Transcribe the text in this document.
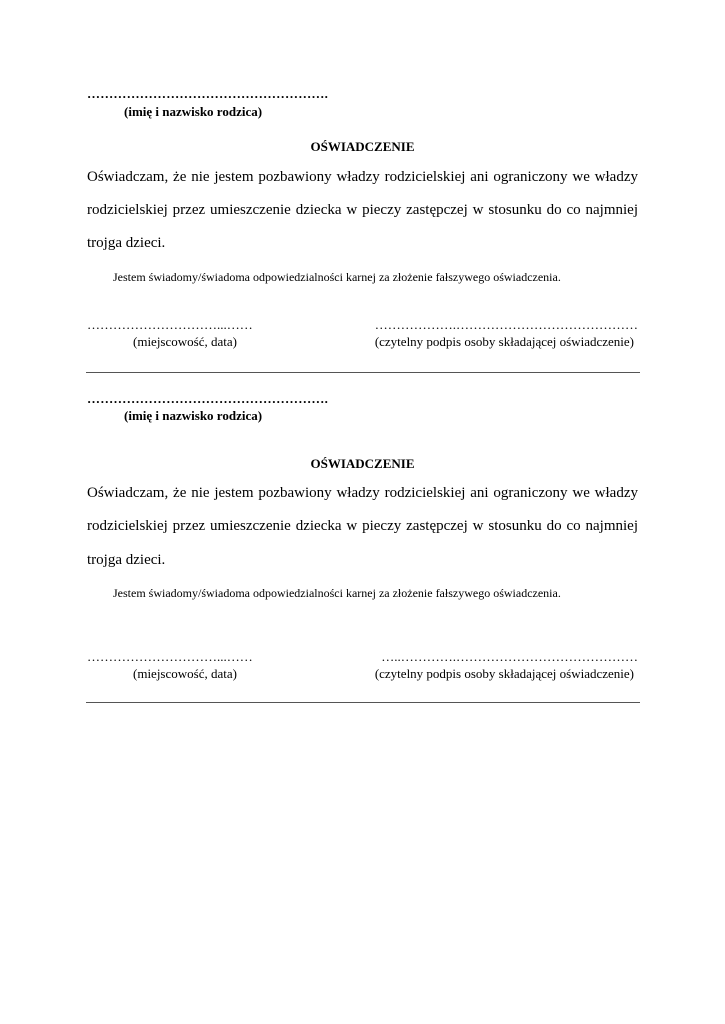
……………………………………………….
(imię i nazwisko rodzica)
OŚWIADCZENIE
Oświadczam, że nie jestem pozbawiony władzy rodzicielskiej ani ograniczony we władzy
rodzicielskiej przez umieszczenie dziecka w pieczy zastępczej w stosunku do co najmniej
trojga dzieci.
Jestem świadomy/świadoma odpowiedzialności karnej za złożenie fałszywego oświadczenia.
…………………………...……	……………….……………………………………
(miejscowość, data)	(czytelny podpis osoby składającej oświadczenie)
……………………………………………….
(imię i nazwisko rodzica)
OŚWIADCZENIE
Oświadczam, że nie jestem pozbawiony władzy rodzicielskiej ani ograniczony we władzy
rodzicielskiej przez umieszczenie dziecka w pieczy zastępczej w stosunku do co najmniej
trojga dzieci.
Jestem świadomy/świadoma odpowiedzialności karnej za złożenie fałszywego oświadczenia.
…………………………...……	…..………….……………………………………
(miejscowość, data)	(czytelny podpis osoby składającej oświadczenie)
